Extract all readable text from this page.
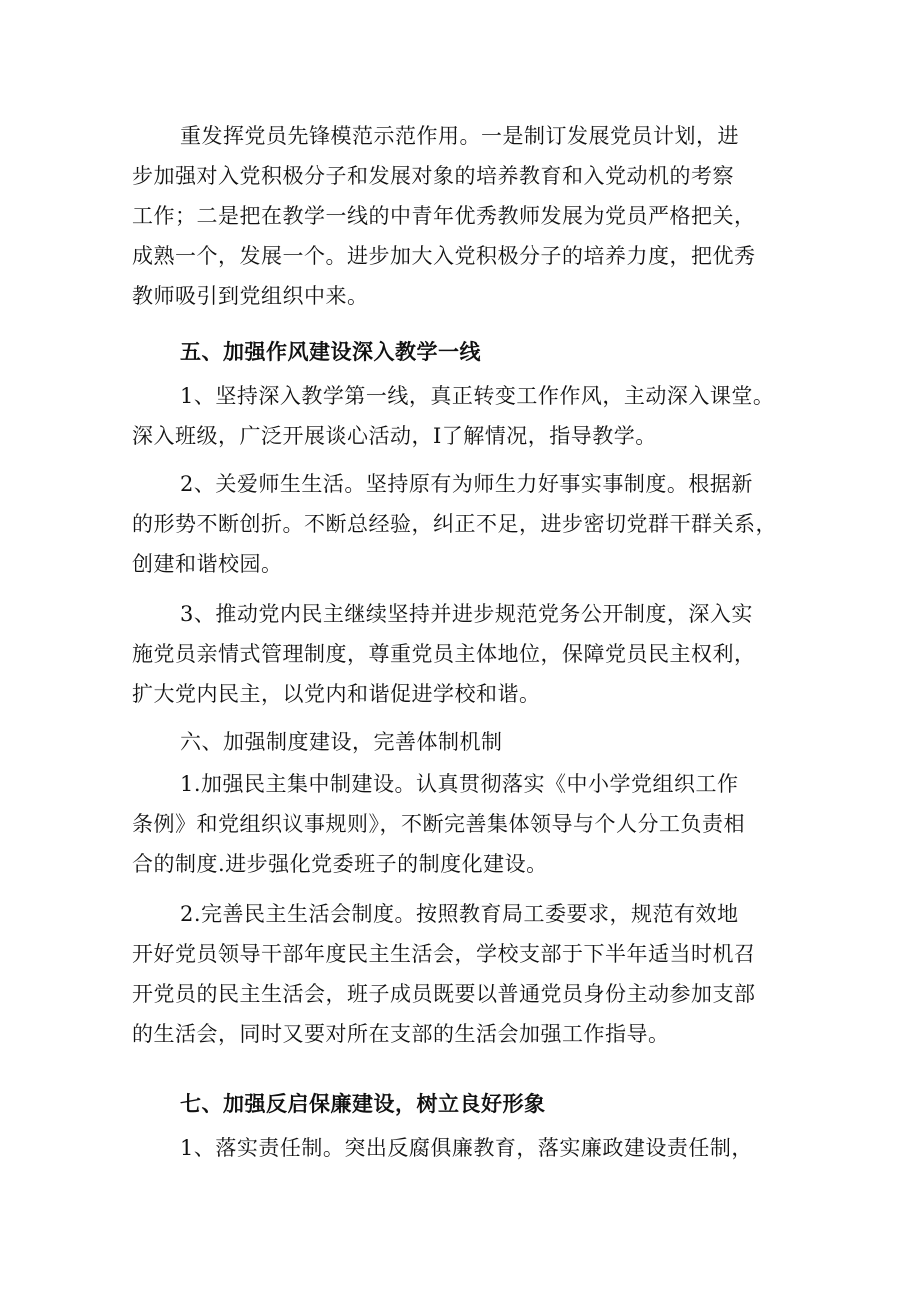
重发挥党员先锋模范示范作用。一是制订发展党员计划，进
步加强对入党积极分子和发展对象的培养教育和入党动机的考察
工作；二是把在教学一线的中青年优秀教师发展为党员严格把关，
成熟一个，发展一个。进步加大入党积极分子的培养力度，把优秀
教师吸引到党组织中来。
五、加强作风建设深入教学一线
1、坚持深入教学第一线，真正转变工作作风，主动深入课堂。
深入班级，广泛开展谈心活动，I了解情况，指导教学。
2、关爱师生生活。坚持原有为师生力好事实事制度。根据新
的形势不断创折。不断总经验，纠正不足，进步密切党群干群关系，
创建和谐校园。
3、推动党内民主继续坚持并进步规范党务公开制度，深入实
施党员亲情式管理制度，尊重党员主体地位，保障党员民主权利，
扩大党内民主，以党内和谐促进学校和谐。
六、加强制度建设，完善体制机制
1.加强民主集中制建设。认真贯彻落实《中小学党组织工作
条例》和党组织议事规则》，不断完善集体领导与个人分工负责相
合的制度.进步强化党委班子的制度化建设。
2.完善民主生活会制度。按照教育局工委要求，规范有效地
开好党员领导干部年度民主生活会，学校支部于下半年适当时机召
开党员的民主生活会，班子成员既要以普通党员身份主动参加支部
的生活会，同时又要对所在支部的生活会加强工作指导。
七、加强反启保廉建设，树立良好形象
1、落实责任制。突出反腐俱廉教育，落实廉政建设责任制，
